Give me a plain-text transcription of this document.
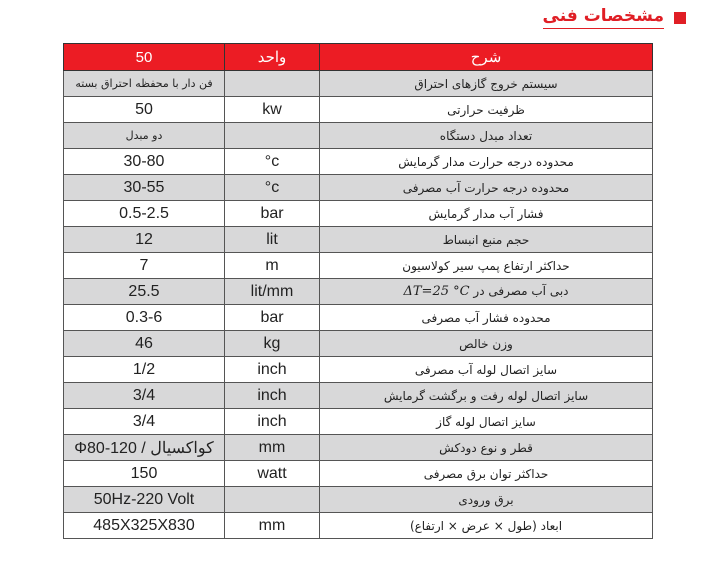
مشخصات فنی
50	واحد	شرح
فن دار با محفظه احتراق بسته		سیستم خروج گازهای احتراق
50	kw	ظرفیت حرارتی
دو مبدل		تعداد مبدل دستگاه
30-80	°c	محدوده درجه حرارت مدار گرمایش
30-55	°c	محدوده درجه حرارت آب مصرفی
0.5-2.5	bar	فشار آب مدار گرمایش
12	lit	حجم منبع انبساط
7	m	حداکثر ارتفاع پمپ سیر کولاسیون
25.5	lit/mm	دبی آب مصرفی در ΔT=25 °C
0.3-6	bar	محدوده فشار آب مصرفی
46	kg	وزن خالص
1/2	inch	سایز اتصال لوله آب مصرفی
3/4	inch	سایز اتصال لوله رفت و برگشت گرمایش
3/4	inch	سایز اتصال لوله گاز
Φ80-120 / کواکسیال	mm	قطر و نوع دودکش
150	watt	حداکثر توان برق مصرفی
50Hz-220 Volt		برق ورودی
485X325X830	mm	ابعاد (طول × عرض × ارتفاع)
